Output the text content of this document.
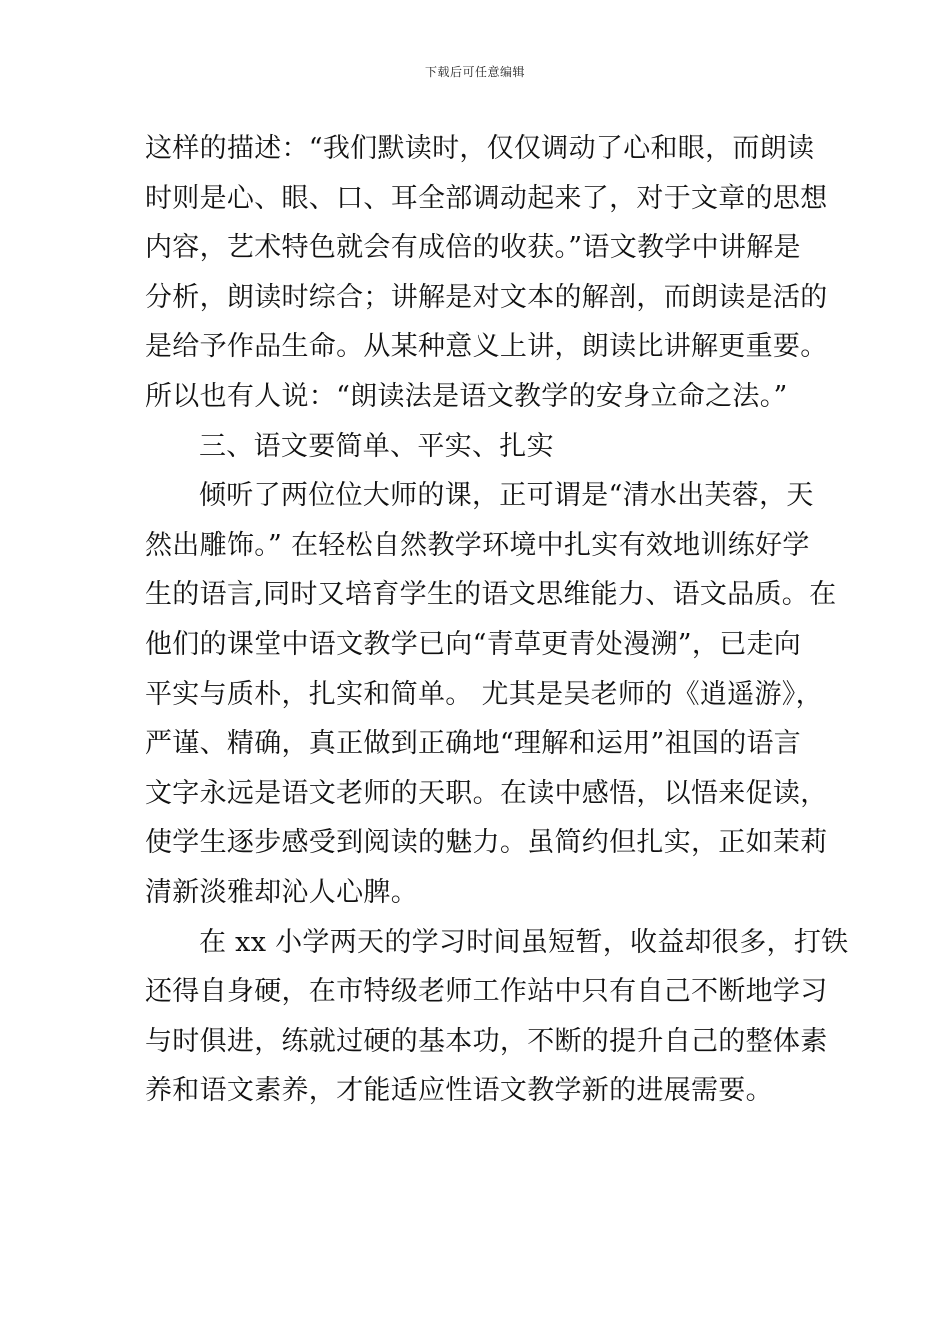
下载后可任意编辑
这样的描述：“我们默读时，仅仅调动了心和眼，而朗读
时则是心、眼、口、耳全部调动起来了，对于文章的思想
内容，艺术特色就会有成倍的收获。”语文教学中讲解是
分析，朗读时综合；讲解是对文本的解剖，而朗读是活的
是给予作品生命。从某种意义上讲，朗读比讲解更重要。
所以也有人说：“朗读法是语文教学的安身立命之法。”
三、语文要简单、平实、扎实
倾听了两位位大师的课，正可谓是“清水出芙蓉，天
然出雕饰。” 在轻松自然教学环境中扎实有效地训练好学
生的语言,同时又培育学生的语文思维能力、语文品质。在
他们的课堂中语文教学已向“青草更青处漫溯”，已走向
平实与质朴，扎实和简单。 尤其是吴老师的《逍遥游》，
严谨、精确，真正做到正确地“理解和运用”祖国的语言
文字永远是语文老师的天职。在读中感悟，以悟来促读，
使学生逐步感受到阅读的魅力。虽简约但扎实，正如茉莉
清新淡雅却沁人心脾。
在 xx 小学两天的学习时间虽短暂，收益却很多，打铁
还得自身硬，在市特级老师工作站中只有自己不断地学习
与时俱进，练就过硬的基本功，不断的提升自己的整体素
养和语文素养，才能适应性语文教学新的进展需要。
